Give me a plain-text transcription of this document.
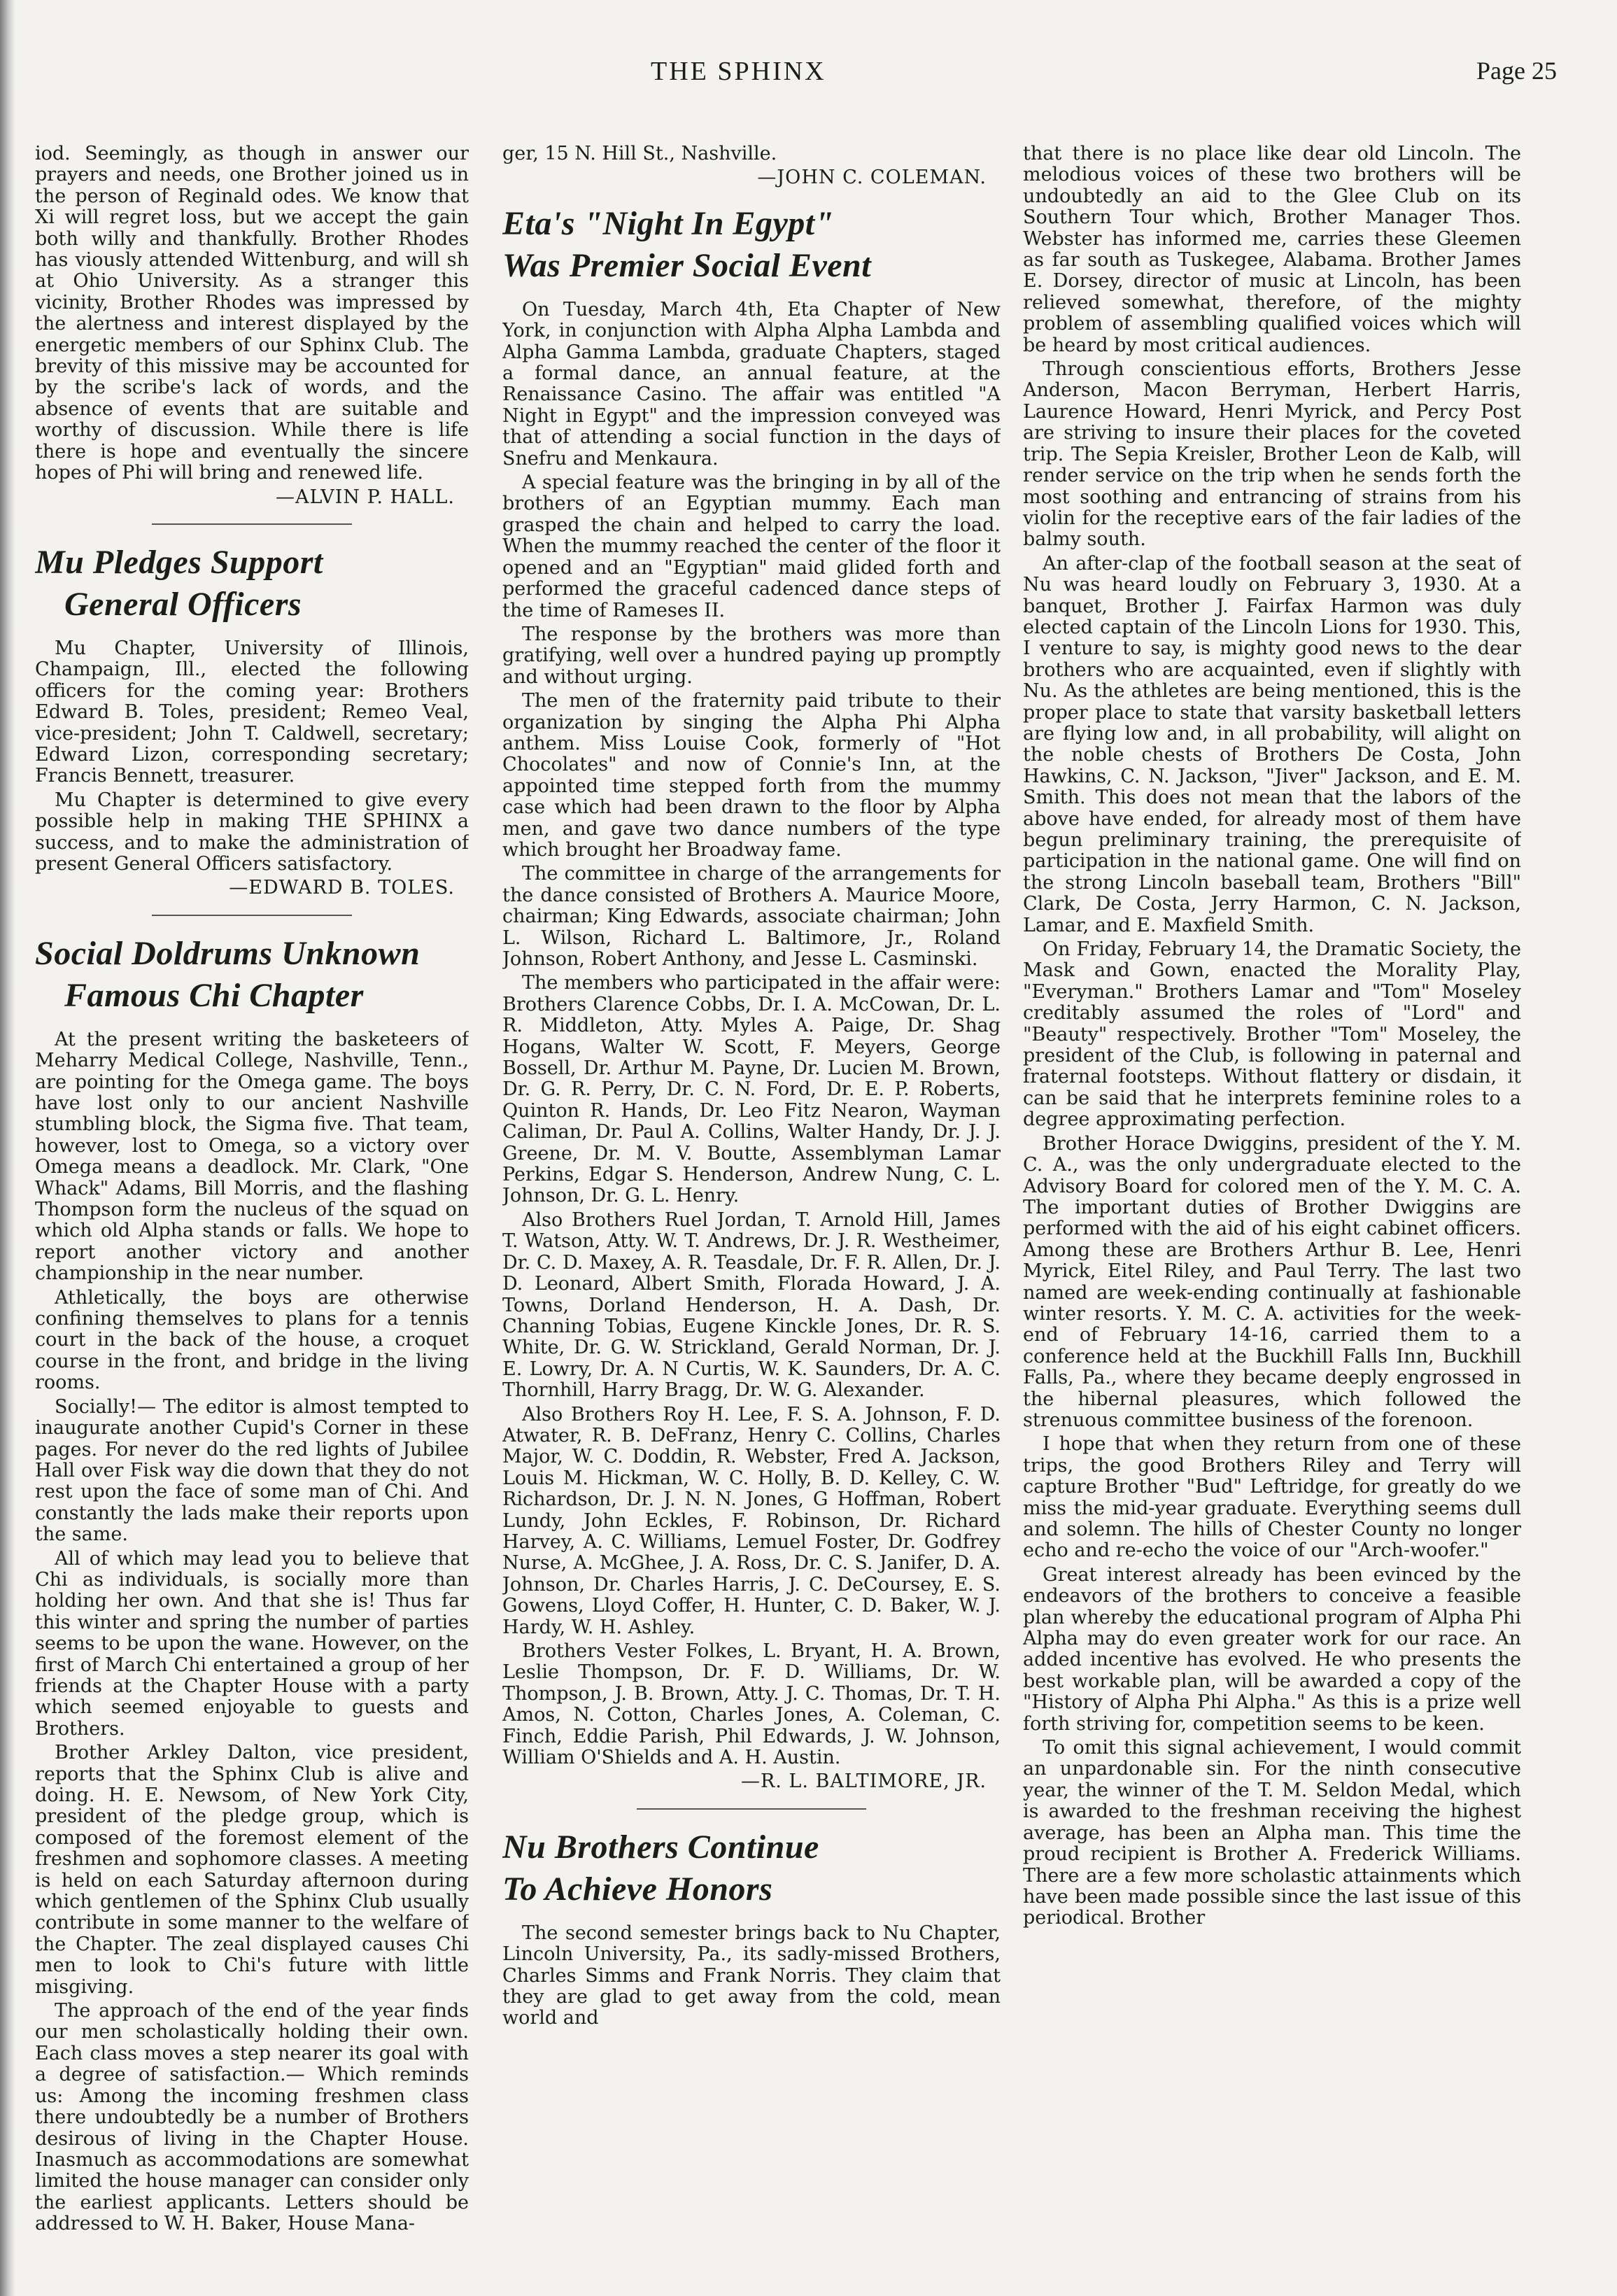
THE SPHINX	Page 25

iod. Seemingly, as though in answer our prayers and needs, one Brother joined us in the person of Reginald odes. We know that Xi will regret loss, but we accept the gain both willy and thankfully. Brother Rhodes has viously attended Wittenburg, and will sh at Ohio University. As a stranger this vicinity, Brother Rhodes was impressed by the alertness and interest displayed by the energetic members of our Sphinx Club. The brevity of this missive may be accounted for by the scribe's lack of words, and the absence of events that are suitable and worthy of discussion. While there is life there is hope and eventually the sincere hopes of Phi will bring and renewed life.

—ALVIN P. HALL.

Mu Pledges Support
General Officers

Mu Chapter, University of Illinois, Champaign, Ill., elected the following officers for the coming year: Brothers Edward B. Toles, president; Remeo Veal, vice-president; John T. Caldwell, secretary; Edward Lizon, corresponding secretary; Francis Bennett, treasurer.

Mu Chapter is determined to give every possible help in making THE SPHINX a success, and to make the administration of present General Officers satisfactory.

—EDWARD B. TOLES.

Social Doldrums Unknown
Famous Chi Chapter

At the present writing the basketeers of Meharry Medical College, Nashville, Tenn., are pointing for the Omega game. The boys have lost only to our ancient Nashville stumbling block, the Sigma five. That team, however, lost to Omega, so a victory over Omega means a deadlock. Mr. Clark, "One Whack" Adams, Bill Morris, and the flashing Thompson form the nucleus of the squad on which old Alpha stands or falls. We hope to report another victory and another championship in the near number.

Athletically, the boys are otherwise confining themselves to plans for a tennis court in the back of the house, a croquet course in the front, and bridge in the living rooms.

Socially!— The editor is almost tempted to inaugurate another Cupid's Corner in these pages. For never do the red lights of Jubilee Hall over Fisk way die down that they do not rest upon the face of some man of Chi. And constantly the lads make their reports upon the same.

All of which may lead you to believe that Chi as individuals, is socially more than holding her own. And that she is! Thus far this winter and spring the number of parties seems to be upon the wane. However, on the first of March Chi entertained a group of her friends at the Chapter House with a party which seemed enjoyable to guests and Brothers.

Brother Arkley Dalton, vice president, reports that the Sphinx Club is alive and doing. H. E. Newsom, of New York City, president of the pledge group, which is composed of the foremost element of the freshmen and sophomore classes. A meeting is held on each Saturday afternoon during which gentlemen of the Sphinx Club usually contribute in some manner to the welfare of the Chapter. The zeal displayed causes Chi men to look to Chi's future with little misgiving.

The approach of the end of the year finds our men scholastically holding their own. Each class moves a step nearer its goal with a degree of satisfaction.— Which reminds us: Among the incoming freshmen class there undoubtedly be a number of Brothers desirous of living in the Chapter House. Inasmuch as accommodations are somewhat limited the house manager can consider only the earliest applicants. Letters should be addressed to W. H. Baker, House Mana-

ger, 15 N. Hill St., Nashville.

—JOHN C. COLEMAN.

Eta's "Night In Egypt"
Was Premier Social Event

On Tuesday, March 4th, Eta Chapter of New York, in conjunction with Alpha Alpha Lambda and Alpha Gamma Lambda, graduate Chapters, staged a formal dance, an annual feature, at the Renaissance Casino. The affair was entitled "A Night in Egypt" and the impression conveyed was that of attending a social function in the days of Snefru and Menkaura.

A special feature was the bringing in by all of the brothers of an Egyptian mummy. Each man grasped the chain and helped to carry the load. When the mummy reached the center of the floor it opened and an "Egyptian" maid glided forth and performed the graceful cadenced dance steps of the time of Rameses II.

The response by the brothers was more than gratifying, well over a hundred paying up promptly and without urging.

The men of the fraternity paid tribute to their organization by singing the Alpha Phi Alpha anthem. Miss Louise Cook, formerly of "Hot Chocolates" and now of Connie's Inn, at the appointed time stepped forth from the mummy case which had been drawn to the floor by Alpha men, and gave two dance numbers of the type which brought her Broadway fame.

The committee in charge of the arrangements for the dance consisted of Brothers A. Maurice Moore, chairman; King Edwards, associate chairman; John L. Wilson, Richard L. Baltimore, Jr., Roland Johnson, Robert Anthony, and Jesse L. Casminski.

The members who participated in the affair were: Brothers Clarence Cobbs, Dr. I. A. McCowan, Dr. L. R. Middleton, Atty. Myles A. Paige, Dr. Shag Hogans, Walter W. Scott, F. Meyers, George Bossell, Dr. Arthur M. Payne, Dr. Lucien M. Brown, Dr. G. R. Perry, Dr. C. N. Ford, Dr. E. P. Roberts, Quinton R. Hands, Dr. Leo Fitz Nearon, Wayman Caliman, Dr. Paul A. Collins, Walter Handy, Dr. J. J. Greene, Dr. M. V. Boutte, Assemblyman Lamar Perkins, Edgar S. Henderson, Andrew Nung, C. L. Johnson, Dr. G. L. Henry.

Also Brothers Ruel Jordan, T. Arnold Hill, James T. Watson, Atty. W. T. Andrews, Dr. J. R. Westheimer, Dr. C. D. Maxey, A. R. Teasdale, Dr. F. R. Allen, Dr. J. D. Leonard, Albert Smith, Florada Howard, J. A. Towns, Dorland Henderson, H. A. Dash, Dr. Channing Tobias, Eugene Kinckle Jones, Dr. R. S. White, Dr. G. W. Strickland, Gerald Norman, Dr. J. E. Lowry, Dr. A. N Curtis, W. K. Saunders, Dr. A. C. Thornhill, Harry Bragg, Dr. W. G. Alexander.

Also Brothers Roy H. Lee, F. S. A. Johnson, F. D. Atwater, R. B. DeFranz, Henry C. Collins, Charles Major, W. C. Doddin, R. Webster, Fred A. Jackson, Louis M. Hickman, W. C. Holly, B. D. Kelley, C. W. Richardson, Dr. J. N. N. Jones, G Hoffman, Robert Lundy, John Eckles, F. Robinson, Dr. Richard Harvey, A. C. Williams, Lemuel Foster, Dr. Godfrey Nurse, A. McGhee, J. A. Ross, Dr. C. S. Janifer, D. A. Johnson, Dr. Charles Harris, J. C. DeCoursey, E. S. Gowens, Lloyd Coffer, H. Hunter, C. D. Baker, W. J. Hardy, W. H. Ashley.

Brothers Vester Folkes, L. Bryant, H. A. Brown, Leslie Thompson, Dr. F. D. Williams, Dr. W. Thompson, J. B. Brown, Atty. J. C. Thomas, Dr. T. H. Amos, N. Cotton, Charles Jones, A. Coleman, C. Finch, Eddie Parish, Phil Edwards, J. W. Johnson, William O'Shields and A. H. Austin.

—R. L. BALTIMORE, JR.

Nu Brothers Continue
To Achieve Honors

The second semester brings back to Nu Chapter, Lincoln University, Pa., its sadly-missed Brothers, Charles Simms and Frank Norris. They claim that they are glad to get away from the cold, mean world and

that there is no place like dear old Lincoln. The melodious voices of these two brothers will be undoubtedly an aid to the Glee Club on its Southern Tour which, Brother Manager Thos. Webster has informed me, carries these Gleemen as far south as Tuskegee, Alabama. Brother James E. Dorsey, director of music at Lincoln, has been relieved somewhat, therefore, of the mighty problem of assembling qualified voices which will be heard by most critical audiences.

Through conscientious efforts, Brothers Jesse Anderson, Macon Berryman, Herbert Harris, Laurence Howard, Henri Myrick, and Percy Post are striving to insure their places for the coveted trip. The Sepia Kreisler, Brother Leon de Kalb, will render service on the trip when he sends forth the most soothing and entrancing of strains from his violin for the receptive ears of the fair ladies of the balmy south.

An after-clap of the football season at the seat of Nu was heard loudly on February 3, 1930. At a banquet, Brother J. Fairfax Harmon was duly elected captain of the Lincoln Lions for 1930. This, I venture to say, is mighty good news to the dear brothers who are acquainted, even if slightly with Nu. As the athletes are being mentioned, this is the proper place to state that varsity basketball letters are flying low and, in all probability, will alight on the noble chests of Brothers De Costa, John Hawkins, C. N. Jackson, "Jiver" Jackson, and E. M. Smith. This does not mean that the labors of the above have ended, for already most of them have begun preliminary training, the prerequisite of participation in the national game. One will find on the strong Lincoln baseball team, Brothers "Bill" Clark, De Costa, Jerry Harmon, C. N. Jackson, Lamar, and E. Maxfield Smith.

On Friday, February 14, the Dramatic Society, the Mask and Gown, enacted the Morality Play, "Everyman." Brothers Lamar and "Tom" Moseley creditably assumed the roles of "Lord" and "Beauty" respectively. Brother "Tom" Moseley, the president of the Club, is following in paternal and fraternal footsteps. Without flattery or disdain, it can be said that he interprets feminine roles to a degree approximating perfection.

Brother Horace Dwiggins, president of the Y. M. C. A., was the only undergraduate elected to the Advisory Board for colored men of the Y. M. C. A. The important duties of Brother Dwiggins are performed with the aid of his eight cabinet officers. Among these are Brothers Arthur B. Lee, Henri Myrick, Eitel Riley, and Paul Terry. The last two named are week-ending continually at fashionable winter resorts. Y. M. C. A. activities for the week-end of February 14-16, carried them to a conference held at the Buckhill Falls Inn, Buckhill Falls, Pa., where they became deeply engrossed in the hibernal pleasures, which followed the strenuous committee business of the forenoon.

I hope that when they return from one of these trips, the good Brothers Riley and Terry will capture Brother "Bud" Leftridge, for greatly do we miss the mid-year graduate. Everything seems dull and solemn. The hills of Chester County no longer echo and re-echo the voice of our "Arch-woofer."

Great interest already has been evinced by the endeavors of the brothers to conceive a feasible plan whereby the educational program of Alpha Phi Alpha may do even greater work for our race. An added incentive has evolved. He who presents the best workable plan, will be awarded a copy of the "History of Alpha Phi Alpha." As this is a prize well forth striving for, competition seems to be keen.

To omit this signal achievement, I would commit an unpardonable sin. For the ninth consecutive year, the winner of the T. M. Seldon Medal, which is awarded to the freshman receiving the highest average, has been an Alpha man. This time the proud recipient is Brother A. Frederick Williams. There are a few more scholastic attainments which have been made possible since the last issue of this periodical. Brother
